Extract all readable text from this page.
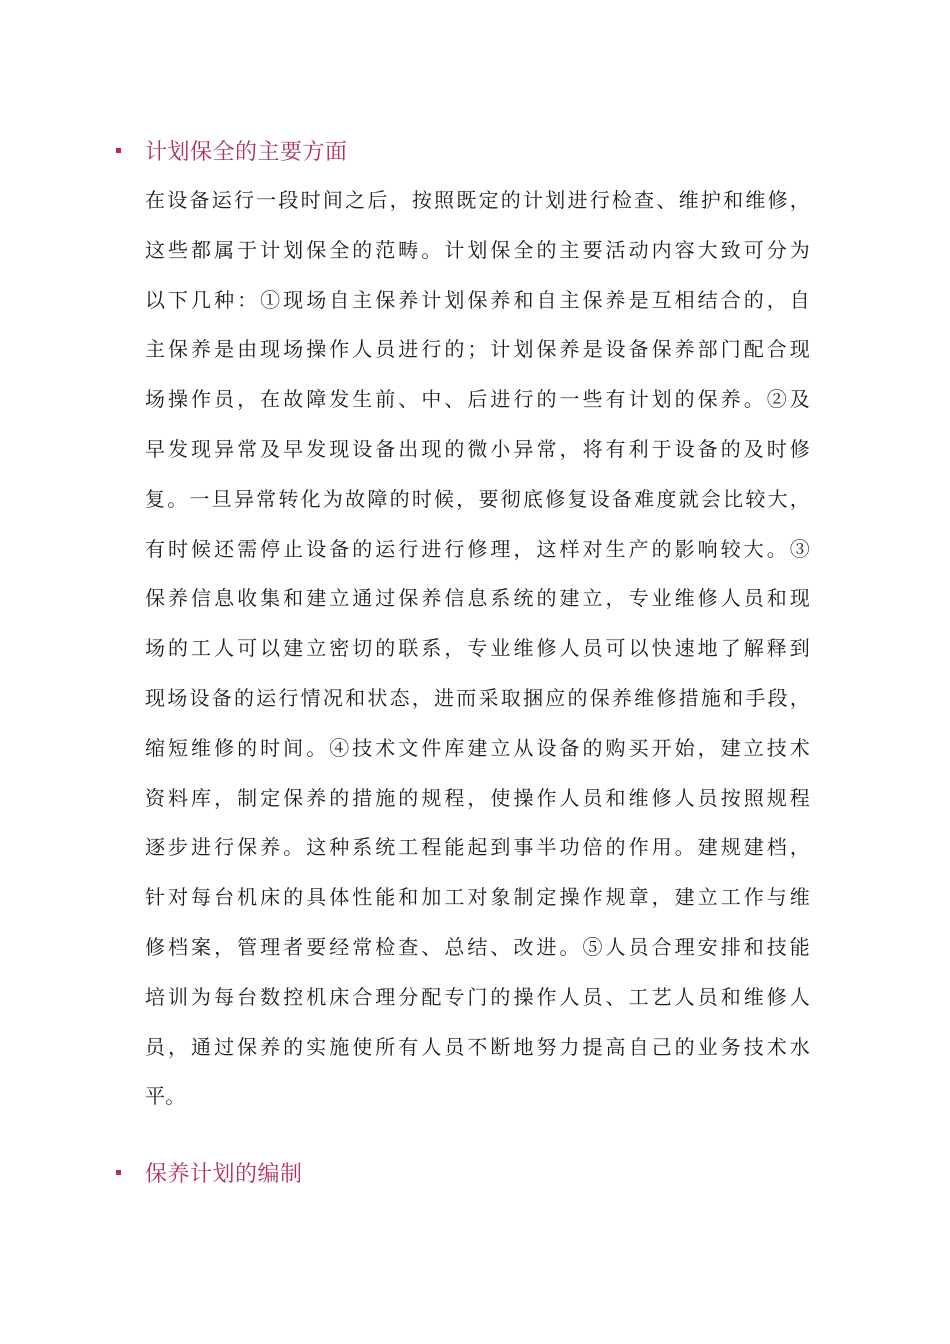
计划保全的主要方面
在设备运行一段时间之后，按照既定的计划进行检查、维护和维修，
这些都属于计划保全的范畴。计划保全的主要活动内容大致可分为
以下几种：①现场自主保养计划保养和自主保养是互相结合的，自
主保养是由现场操作人员进行的；计划保养是设备保养部门配合现
场操作员，在故障发生前、中、后进行的一些有计划的保养。②及
早发现异常及早发现设备出现的微小异常，将有利于设备的及时修
复。一旦异常转化为故障的时候，要彻底修复设备难度就会比较大，
有时候还需停止设备的运行进行修理，这样对生产的影响较大。③
保养信息收集和建立通过保养信息系统的建立，专业维修人员和现
场的工人可以建立密切的联系，专业维修人员可以快速地了解释到
现场设备的运行情况和状态，进而采取捆应的保养维修措施和手段，
缩短维修的时间。④技术文件库建立从设备的购买开始，建立技术
资料库，制定保养的措施的规程，使操作人员和维修人员按照规程
逐步进行保养。这种系统工程能起到事半功倍的作用。建规建档，
针对每台机床的具体性能和加工对象制定操作规章，建立工作与维
修档案，管理者要经常检查、总结、改进。⑤人员合理安排和技能
培训为每台数控机床合理分配专门的操作人员、工艺人员和维修人
员，通过保养的实施使所有人员不断地努力提高自己的业务技术水
平。
保养计划的编制
